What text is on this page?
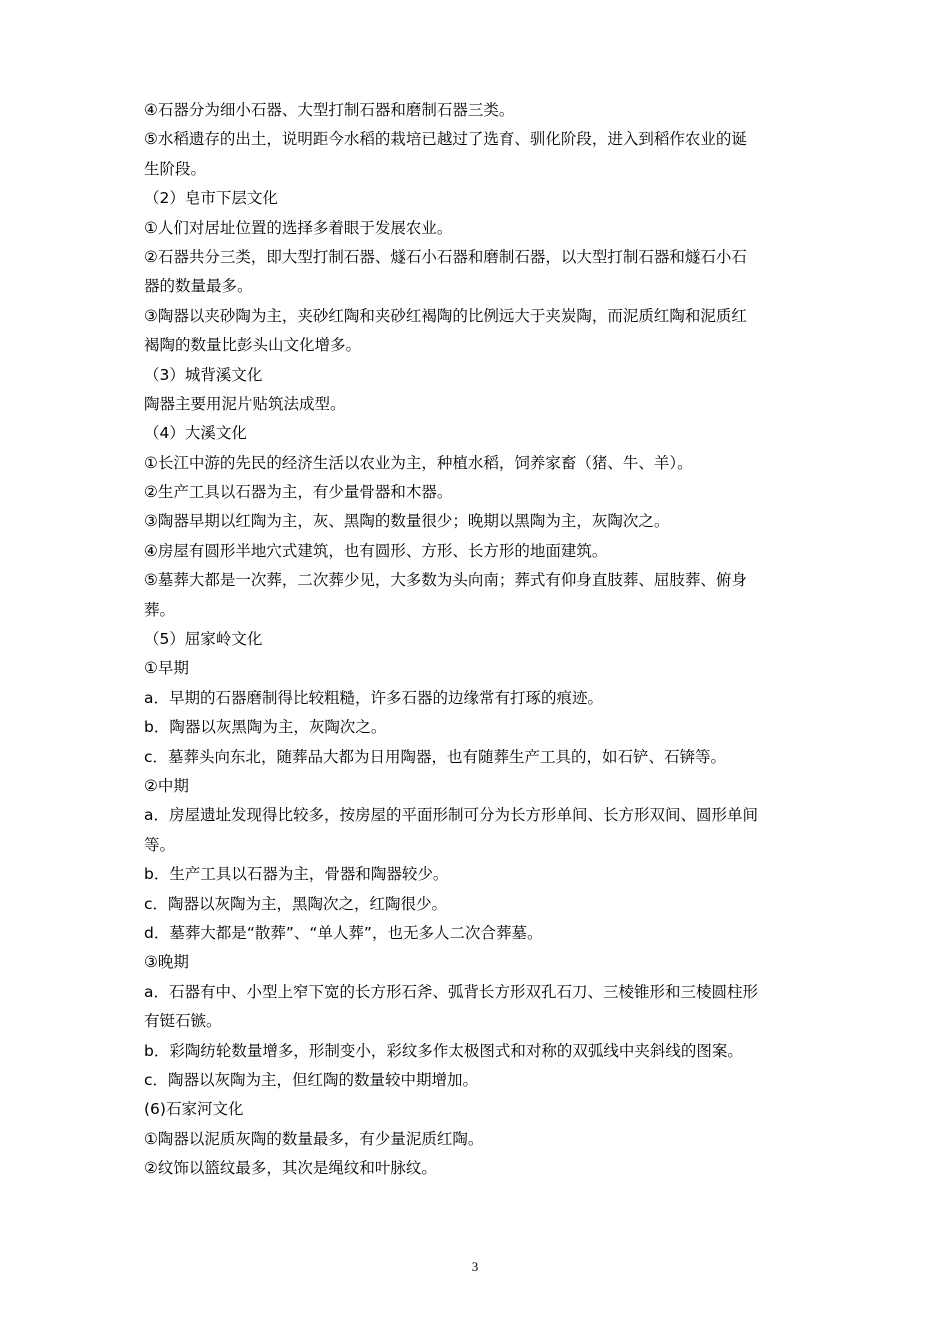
④石器分为细小石器、大型打制石器和磨制石器三类。
⑤水稻遗存的出土，说明距今水稻的栽培已越过了选育、驯化阶段，进入到稻作农业的诞
生阶段。
（2）皂市下层文化
①人们对居址位置的选择多着眼于发展农业。
②石器共分三类，即大型打制石器、燧石小石器和磨制石器，以大型打制石器和燧石小石
器的数量最多。
③陶器以夹砂陶为主，夹砂红陶和夹砂红褐陶的比例远大于夹炭陶，而泥质红陶和泥质红
褐陶的数量比彭头山文化增多。
（3）城背溪文化
陶器主要用泥片贴筑法成型。
（4）大溪文化
①长江中游的先民的经济生活以农业为主，种植水稻，饲养家畜（猪、牛、羊）。
②生产工具以石器为主，有少量骨器和木器。
③陶器早期以红陶为主，灰、黑陶的数量很少；晚期以黑陶为主，灰陶次之。
④房屋有圆形半地穴式建筑，也有圆形、方形、长方形的地面建筑。
⑤墓葬大都是一次葬，二次葬少见，大多数为头向南；葬式有仰身直肢葬、屈肢葬、俯身
葬。
（5）屈家岭文化
①早期
a．早期的石器磨制得比较粗糙，许多石器的边缘常有打琢的痕迹。
b．陶器以灰黑陶为主，灰陶次之。
c．墓葬头向东北，随葬品大都为日用陶器，也有随葬生产工具的，如石铲、石锛等。
②中期
a．房屋遗址发现得比较多，按房屋的平面形制可分为长方形单间、长方形双间、圆形单间
等。
b．生产工具以石器为主，骨器和陶器较少。
c．陶器以灰陶为主，黑陶次之，红陶很少。
d．墓葬大都是“散葬”、“单人葬”，也无多人二次合葬墓。
③晚期
a．石器有中、小型上窄下宽的长方形石斧、弧背长方形双孔石刀、三棱锥形和三棱圆柱形
有铤石镞。
b．彩陶纺轮数量增多，形制变小，彩纹多作太极图式和对称的双弧线中夹斜线的图案。
c．陶器以灰陶为主，但红陶的数量较中期增加。
(6)石家河文化
①陶器以泥质灰陶的数量最多，有少量泥质红陶。
②纹饰以篮纹最多，其次是绳纹和叶脉纹。
3
